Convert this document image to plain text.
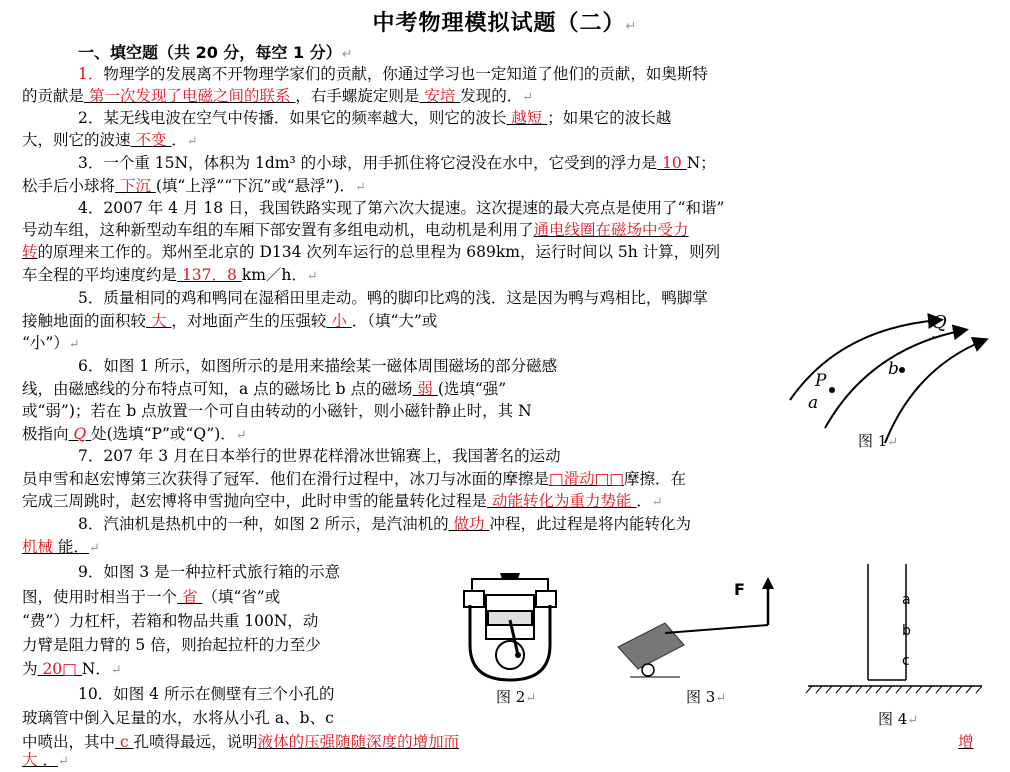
中考物理模拟试题（二）↵
一、填空题（共 20 分，每空 1 分）↵
1．物理学的发展离不开物理学家们的贡献，你通过学习也一定知道了他们的贡献，如奥斯特
的贡献是 第一次发现了电磁之间的联系 ，右手螺旋定则是 安培 发现的．↵
2．某无线电波在空气中传播．如果它的频率越大，则它的波长 越短 ；如果它的波长越
大，则它的波速 不变 ．↵
3．一个重 15N，体积为 1dm³ 的小球，用手抓住将它浸没在水中，它受到的浮力是 10 N；
松手后小球将 下沉 (填“上浮”“下沉”或“悬浮”)．↵
4．2007 年 4 月 18 日，我国铁路实现了第六次大提速。这次提速的最大亮点是使用了“和谐”
号动车组，这种新型动车组的车厢下部安置有多组电动机，电动机是利用了通电线圈在磁场中受力
转的原理来工作的。郑州至北京的 D134 次列车运行的总里程为 689km，运行时间以 5h 计算，则列
车全程的平均速度约是 137．8 km／h．↵
5．质量相同的鸡和鸭同在湿稻田里走动。鸭的脚印比鸡的浅．这是因为鸭与鸡相比，鸭脚掌
接触地面的面积较 大 ，对地面产生的压强较 小 ．（填“大”或
“小”）↵
6．如图 1 所示，如图所示的是用来描绘某一磁体周围磁场的部分磁感
线，由磁感线的分布特点可知，a 点的磁场比 b 点的磁场 弱 (选填“强”
或“弱”)；若在 b 点放置一个可自由转动的小磁针，则小磁针静止时，其 N
极指向 Q 处(选填“P”或“Q”)．↵
7．207 年 3 月在日本举行的世界花样滑冰世锦赛上，我国著名的运动
员申雪和赵宏博第三次获得了冠军．他们在滑行过程中，冰刀与冰面的摩擦是□滑动□□摩擦．在
完成三周跳时，赵宏博将申雪抛向空中，此时申雪的能量转化过程是 动能转化为重力势能 ．↵
8．汽油机是热机中的一种，如图 2 所示，是汽油机的 做功 冲程，此过程是将内能转化为
机械 能．↵
9．如图 3 是一种拉杆式旅行箱的示意
图，使用时相当于一个 省 （填“省”或
“费”）力杠杆，若箱和物品共重 100N，动
力臂是阻力臂的 5 倍，则抬起拉杆的力至少
为 20□ N．↵
10．如图 4 所示在侧壁有三个小孔的
玻璃管中倒入足量的水，水将从小孔 a、b、c
中喷出，其中 c 孔喷得最远，说明液体的压强随随深度的增加而	增
大 ．↵
P
a
b
Q
图 1↵
图 2↵
F
图 3↵
a
b
c
图 4↵
